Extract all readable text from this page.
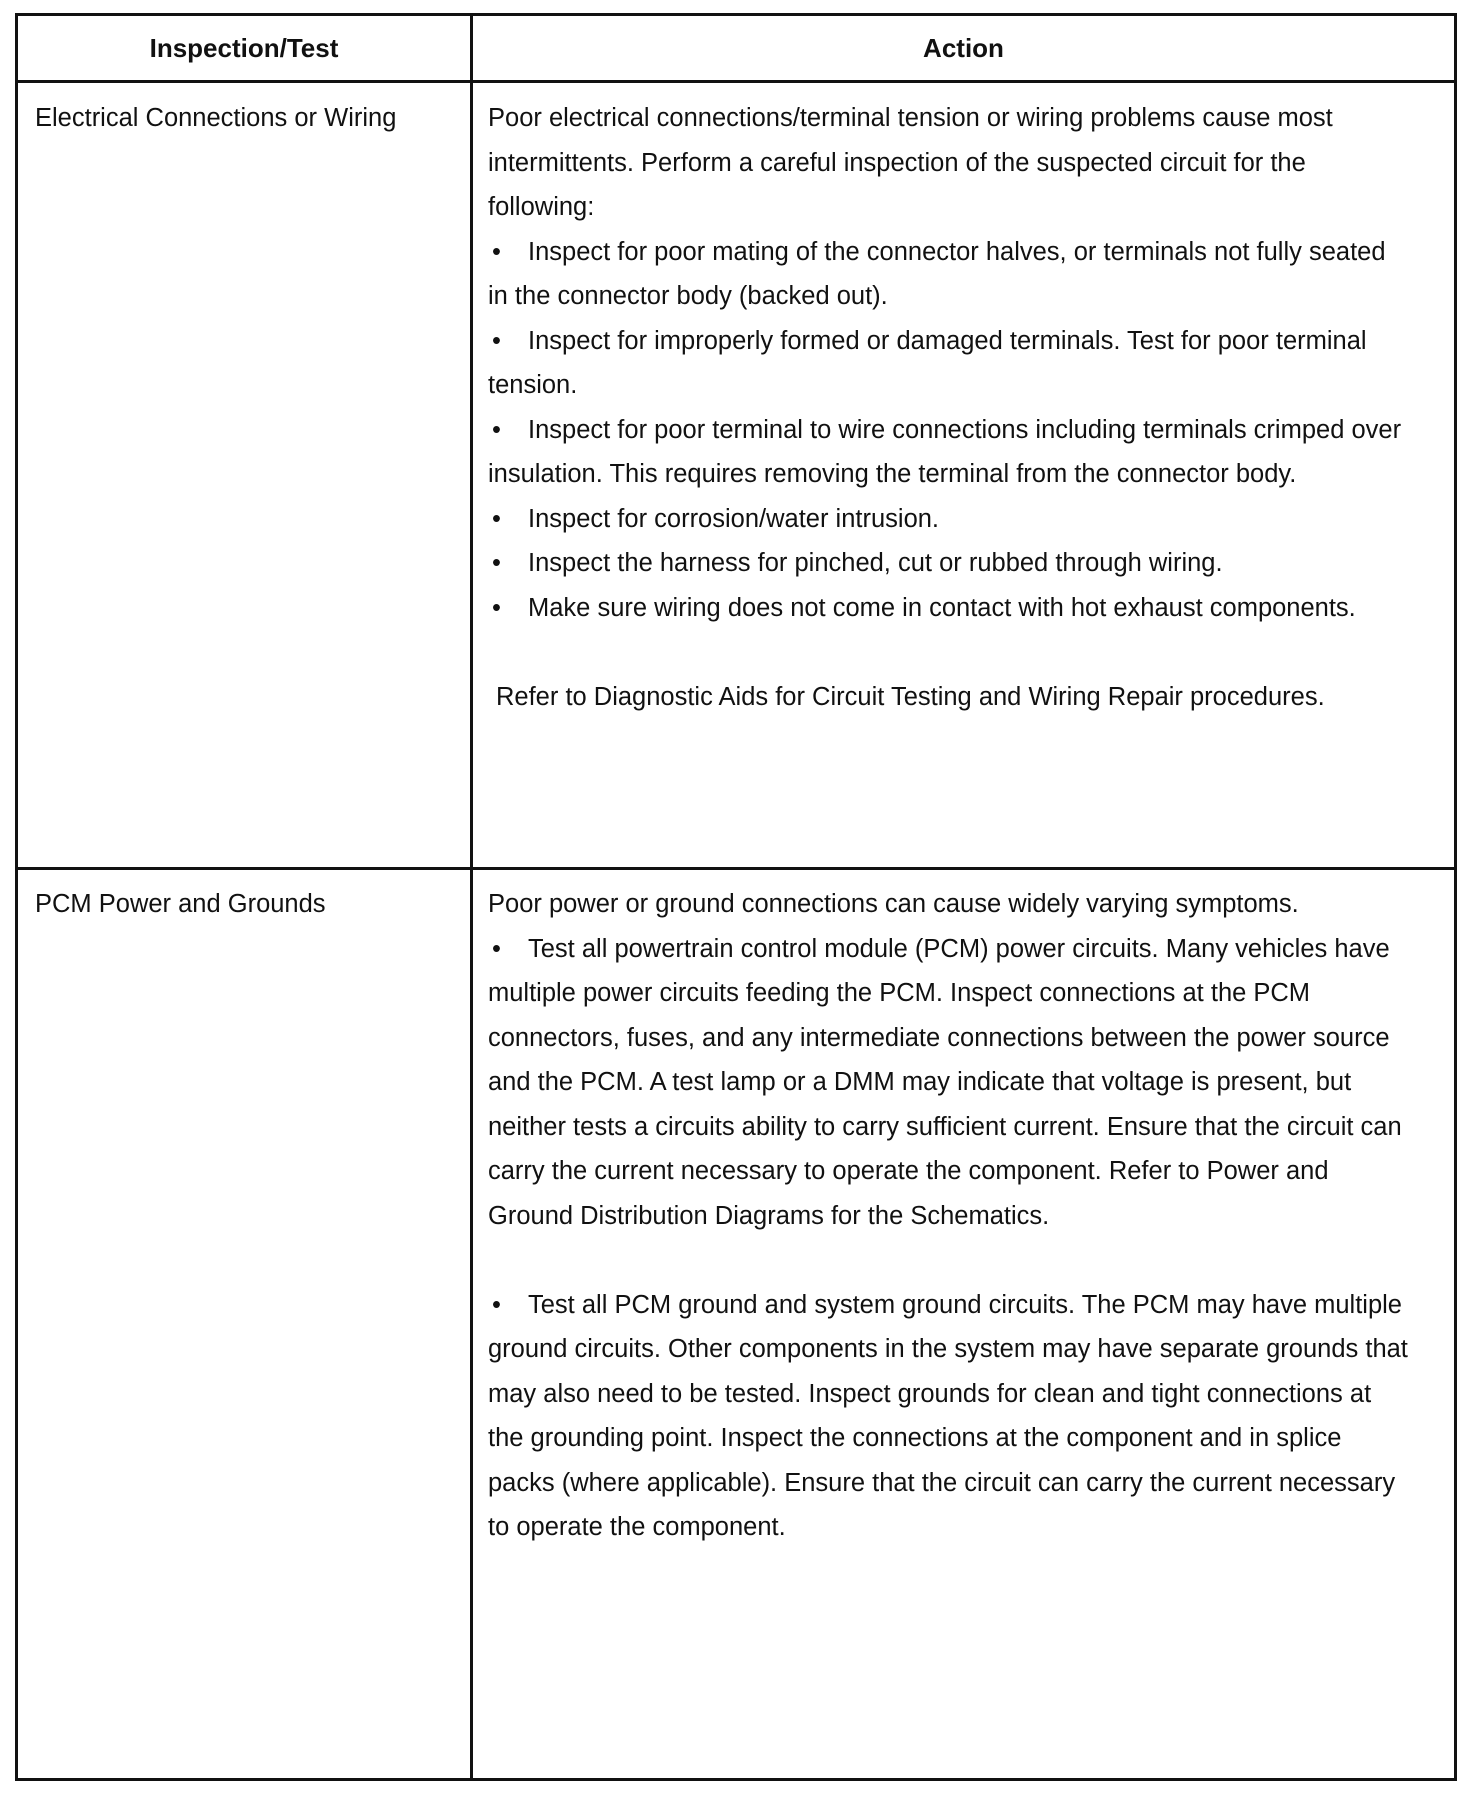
Inspection/Test	Action

Electrical Connections or Wiring	Poor electrical connections/terminal tension or wiring problems cause most intermittents. Perform a careful inspection of the suspected circuit for the following:

• Inspect for poor mating of the connector halves, or terminals not fully seated in the connector body (backed out).

• Inspect for improperly formed or damaged terminals. Test for poor terminal tension.

• Inspect for poor terminal to wire connections including terminals crimped over insulation. This requires removing the terminal from the connector body.

• Inspect for corrosion/water intrusion.

• Inspect the harness for pinched, cut or rubbed through wiring.

• Make sure wiring does not come in contact with hot exhaust components.

Refer to Diagnostic Aids for Circuit Testing and Wiring Repair procedures.

PCM Power and Grounds	Poor power or ground connections can cause widely varying symptoms.

• Test all powertrain control module (PCM) power circuits. Many vehicles have multiple power circuits feeding the PCM. Inspect connections at the PCM connectors, fuses, and any intermediate connections between the power source and the PCM. A test lamp or a DMM may indicate that voltage is present, but neither tests a circuits ability to carry sufficient current. Ensure that the circuit can carry the current necessary to operate the component. Refer to Power and Ground Distribution Diagrams for the Schematics.

• Test all PCM ground and system ground circuits. The PCM may have multiple ground circuits. Other components in the system may have separate grounds that may also need to be tested. Inspect grounds for clean and tight connections at the grounding point. Inspect the connections at the component and in splice packs (where applicable). Ensure that the circuit can carry the current necessary to operate the component.
